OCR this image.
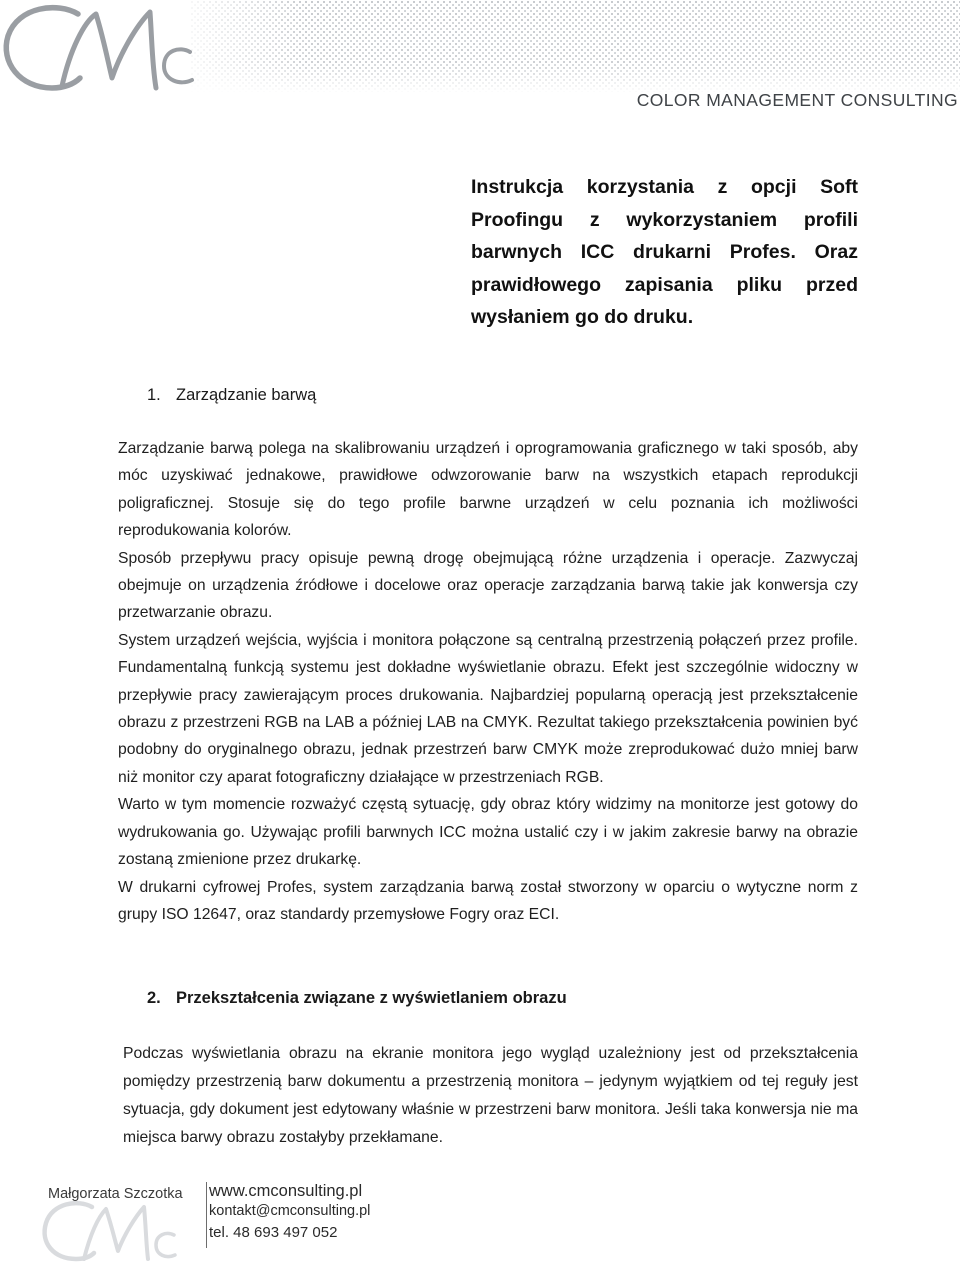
COLOR MANAGEMENT CONSULTING
Instrukcja korzystania z opcji Soft Proofingu z wykorzystaniem profili barwnych ICC drukarni Profes. Oraz prawidłowego zapisania pliku przed wysłaniem go do druku.
1. Zarządzanie barwą

Zarządzanie barwą polega na skalibrowaniu urządzeń i oprogramowania graficznego w taki sposób, aby móc uzyskiwać jednakowe, prawidłowe odwzorowanie barw na wszystkich etapach reprodukcji poligraficznej. Stosuje się do tego profile barwne urządzeń w celu poznania ich możliwości reprodukowania kolorów.

Sposób przepływu pracy opisuje pewną drogę obejmującą różne urządzenia i operacje. Zazwyczaj obejmuje on urządzenia źródłowe i docelowe oraz operacje zarządzania barwą takie jak konwersja czy przetwarzanie obrazu.

System urządzeń wejścia, wyjścia i monitora połączone są centralną przestrzenią połączeń przez profile. Fundamentalną funkcją systemu jest dokładne wyświetlanie obrazu. Efekt jest szczególnie widoczny w przepływie pracy zawierającym proces drukowania. Najbardziej popularną operacją jest przekształcenie obrazu z przestrzeni RGB na LAB a później LAB na CMYK. Rezultat takiego przekształcenia powinien być podobny do oryginalnego obrazu, jednak przestrzeń barw CMYK może zreprodukować dużo mniej barw niż monitor czy aparat fotograficzny działające w przestrzeniach RGB.

Warto w tym momencie rozważyć częstą sytuację, gdy obraz który widzimy na monitorze jest gotowy do wydrukowania go. Używając profili barwnych ICC można ustalić czy i w jakim zakresie barwy na obrazie zostaną zmienione przez drukarkę.

W drukarni cyfrowej Profes, system zarządzania barwą został stworzony w oparciu o wytyczne norm z grupy ISO 12647, oraz standardy przemysłowe Fogry oraz ECI.

2. Przekształcenia związane z wyświetlaniem obrazu

Podczas wyświetlania obrazu na ekranie monitora jego wygląd uzależniony jest od przekształcenia pomiędzy przestrzenią barw dokumentu a przestrzenią monitora – jedynym wyjątkiem od tej reguły jest sytuacja, gdy dokument jest edytowany właśnie w przestrzeni barw monitora. Jeśli taka konwersja nie ma miejsca barwy obrazu zostałyby przekłamane.

Małgorzata Szczotka www.cmconsulting.pl
kontakt@cmconsulting.pl
tel. 48 693 497 052
